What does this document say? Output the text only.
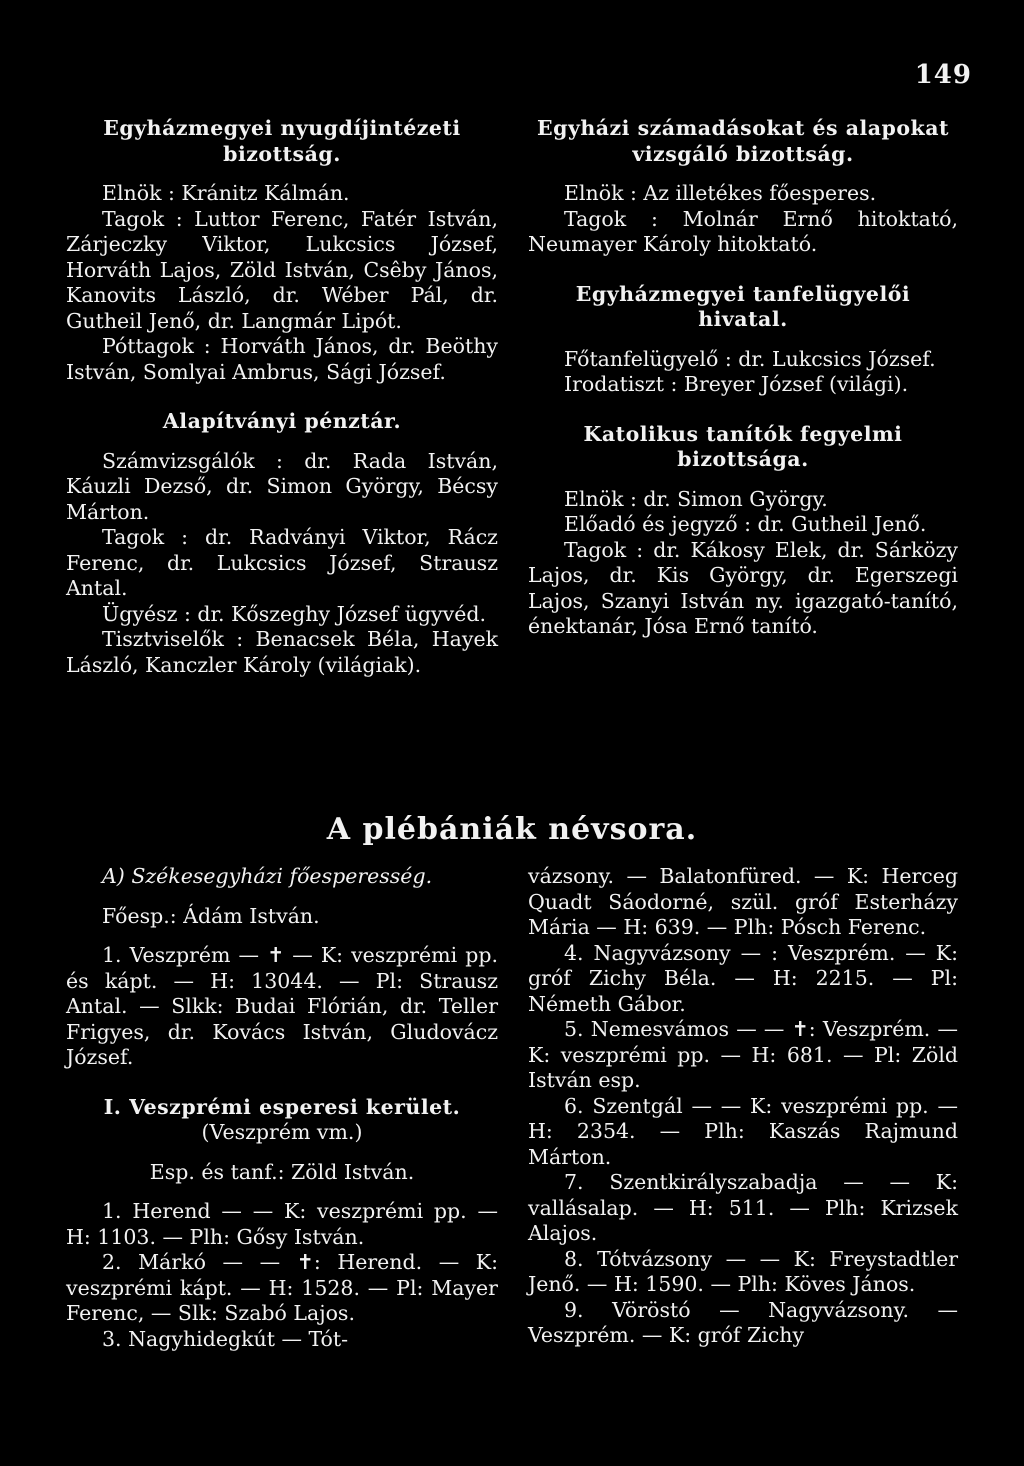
149

Egyházmegyei nyugdíjintézeti bizottság.

Elnök : Kránitz Kálmán.

Tagok : Luttor Ferenc, Fatér István, Zárjeczky Viktor, Lukcsics József, Horváth Lajos, Zöld István, Csêby János, Kanovits László, dr. Wéber Pál, dr. Gutheil Jenő, dr. Langmár Lipót.

Póttagok : Horváth János, dr. Beöthy István, Somlyai Ambrus, Sági József.

Alapítványi pénztár.

Számvizsgálók : dr. Rada István, Káuzli Dezső, dr. Simon György, Bécsy Márton.

Tagok : dr. Radványi Viktor, Rácz Ferenc, dr. Lukcsics József, Strausz Antal.

Ügyész : dr. Kőszeghy József ügyvéd.

Tisztviselők : Benacsek Béla, Hayek László, Kanczler Károly (világiak).

Egyházi számadásokat és alapokat vizsgáló bizottság.

Elnök : Az illetékes főesperes.

Tagok : Molnár Ernő hitoktató, Neumayer Károly hitoktató.

Egyházmegyei tanfelügyelői hivatal.

Főtanfelügyelő : dr. Lukcsics József.

Irodatiszt : Breyer József (világi).

Katolikus tanítók fegyelmi bizottsága.

Elnök : dr. Simon György.

Előadó és jegyző : dr. Gutheil Jenő.

Tagok : dr. Kákosy Elek, dr. Sárközy Lajos, dr. Kis György, dr. Egerszegi Lajos, Szanyi István ny. igazgató-tanító, énektanár, Jósa Ernő tanító.

A plébániák névsora.

A) Székesegyházi főesperesség.

Főesp.: Ádám István.

1. Veszprém — ✝ — K: veszprémi pp. és kápt. — H: 13044. — Pl: Strausz Antal. — Slkk: Budai Flórián, dr. Teller Frigyes, dr. Kovács István, Gludovácz József.

I. Veszprémi esperesi kerület.

(Veszprém vm.)

Esp. és tanf.: Zöld István.

1. Herend — — K: veszprémi pp. — H: 1103. — Plh: Gősy István.

2. Márkó — — ✝: Herend. — K: veszprémi kápt. — H: 1528. — Pl: Mayer Ferenc, — Slk: Szabó Lajos.

3. Nagyhidegkút — Tót-

vázsony. — Balatonfüred. — K: Herceg Quadt Sáodorné, szül. gróf Esterházy Mária — H: 639. — Plh: Pósch Ferenc.

4. Nagyvázsony — : Veszprém. — K: gróf Zichy Béla. — H: 2215. — Pl: Németh Gábor.

5. Nemesvámos — — ✝: Veszprém. — K: veszprémi pp. — H: 681. — Pl: Zöld István esp.

6. Szentgál — — K: veszprémi pp. — H: 2354. — Plh: Kaszás Rajmund Márton.

7. Szentkirályszabadja — — K: vallásalap. — H: 511. — Plh: Krizsek Alajos.

8. Tótvázsony — — K: Freystadtler Jenő. — H: 1590. — Plh: Köves János.

9. Vöröstó — Nagyvázsony. — Veszprém. — K: gróf Zichy
